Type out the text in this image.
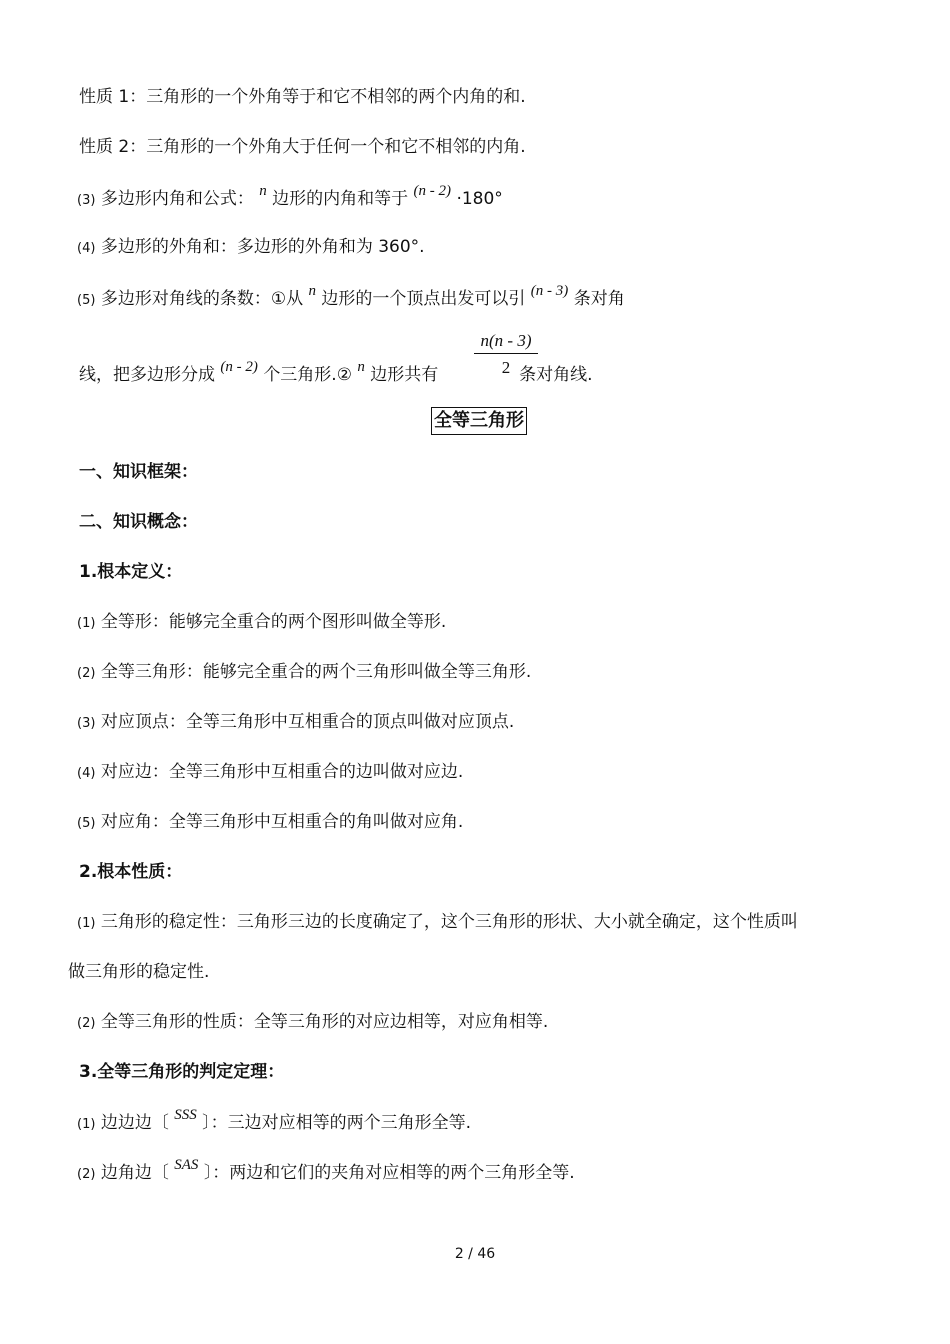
性质 1：三角形的一个外角等于和它不相邻的两个内角的和.
性质 2：三角形的一个外角大于任何一个和它不相邻的内角.
(3) 多边形内角和公式： n 边形的内角和等于 (n - 2) ·180°
(4) 多边形的外角和：多边形的外角和为 360°.
(5) 多边形对角线的条数：①从 n 边形的一个顶点出发可以引 (n - 3) 条对角
线，把多边形分成 (n - 2) 个三角形.② n 边形共有	条对角线.
$\frac{n(n - 3)}{2}$
全等三角形
一、知识框架：
二、知识概念：
1.根本定义：
(1) 全等形：能够完全重合的两个图形叫做全等形.
(2) 全等三角形：能够完全重合的两个三角形叫做全等三角形.
(3) 对应顶点：全等三角形中互相重合的顶点叫做对应顶点.
(4) 对应边：全等三角形中互相重合的边叫做对应边.
(5) 对应角：全等三角形中互相重合的角叫做对应角.
2.根本性质：
(1) 三角形的稳定性：三角形三边的长度确定了，这个三角形的形状、大小就全确定，这个性质叫
做三角形的稳定性.
(2) 全等三角形的性质：全等三角形的对应边相等，对应角相等.
3.全等三角形的判定定理：
(1) 边边边〔 SSS 〕：三边对应相等的两个三角形全等.
(2) 边角边〔 SAS 〕：两边和它们的夹角对应相等的两个三角形全等.
2 / 46
